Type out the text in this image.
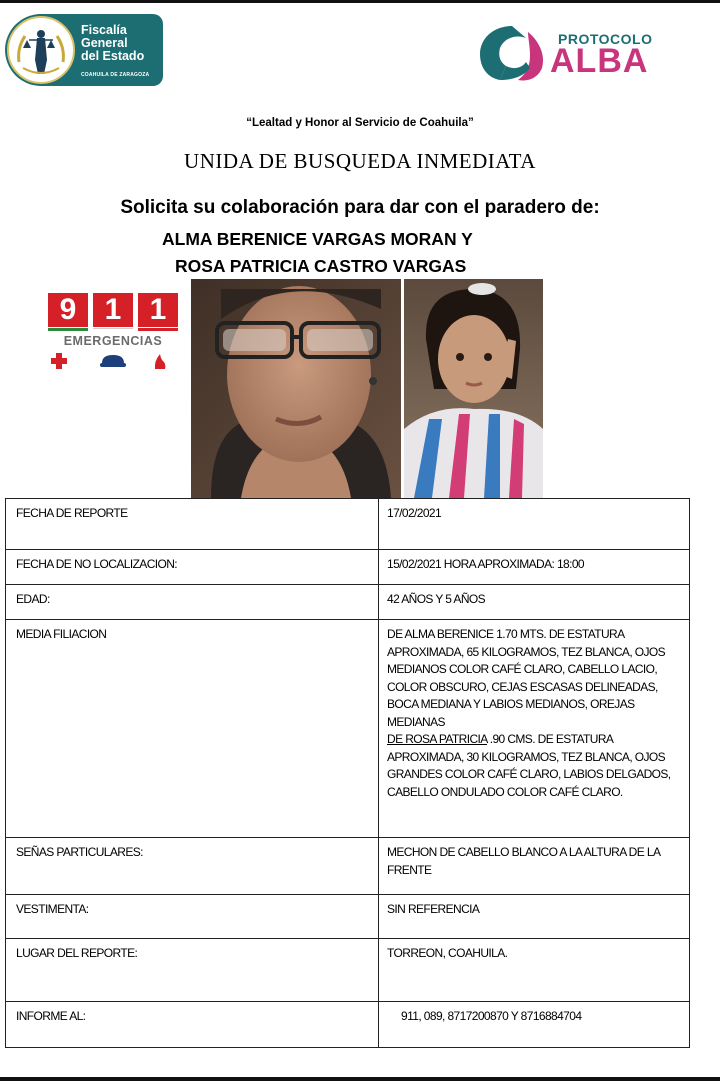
Fiscalía
General
del Estado
COAHUILA DE ZARAGOZA
PROTOCOLO
ALBA
“Lealtad y Honor al Servicio de Coahuila”
UNIDA DE BUSQUEDA INMEDIATA
Solicita su colaboración para dar con el paradero de:
ALMA BERENICE VARGAS MORAN Y
ROSA PATRICIA CASTRO VARGAS
9 1 1
EMERGENCIAS
FECHA DE REPORTE	17/02/2021
FECHA DE NO LOCALIZACION:	15/02/2021 HORA APROXIMADA: 18:00
EDAD:	42 AÑOS Y 5 AÑOS
MEDIA FILIACION	DE ALMA BERENICE 1.70 MTS. DE ESTATURA APROXIMADA, 65 KILOGRAMOS, TEZ BLANCA, OJOS MEDIANOS COLOR CAFÉ CLARO, CABELLO LACIO, COLOR OBSCURO, CEJAS ESCASAS DELINEADAS, BOCA MEDIANA Y LABIOS MEDIANOS, OREJAS MEDIANAS
DE ROSA PATRICIA .90 CMS. DE ESTATURA APROXIMADA, 30 KILOGRAMOS, TEZ BLANCA, OJOS GRANDES COLOR CAFÉ CLARO, LABIOS DELGADOS, CABELLO ONDULADO COLOR CAFÉ CLARO.

SEÑAS PARTICULARES:	MECHON DE CABELLO BLANCO A LA ALTURA DE LA FRENTE
VESTIMENTA:	SIN REFERENCIA
LUGAR DEL REPORTE:	TORREON, COAHUILA.
INFORME AL:	911, 089, 8717200870 Y 8716884704
